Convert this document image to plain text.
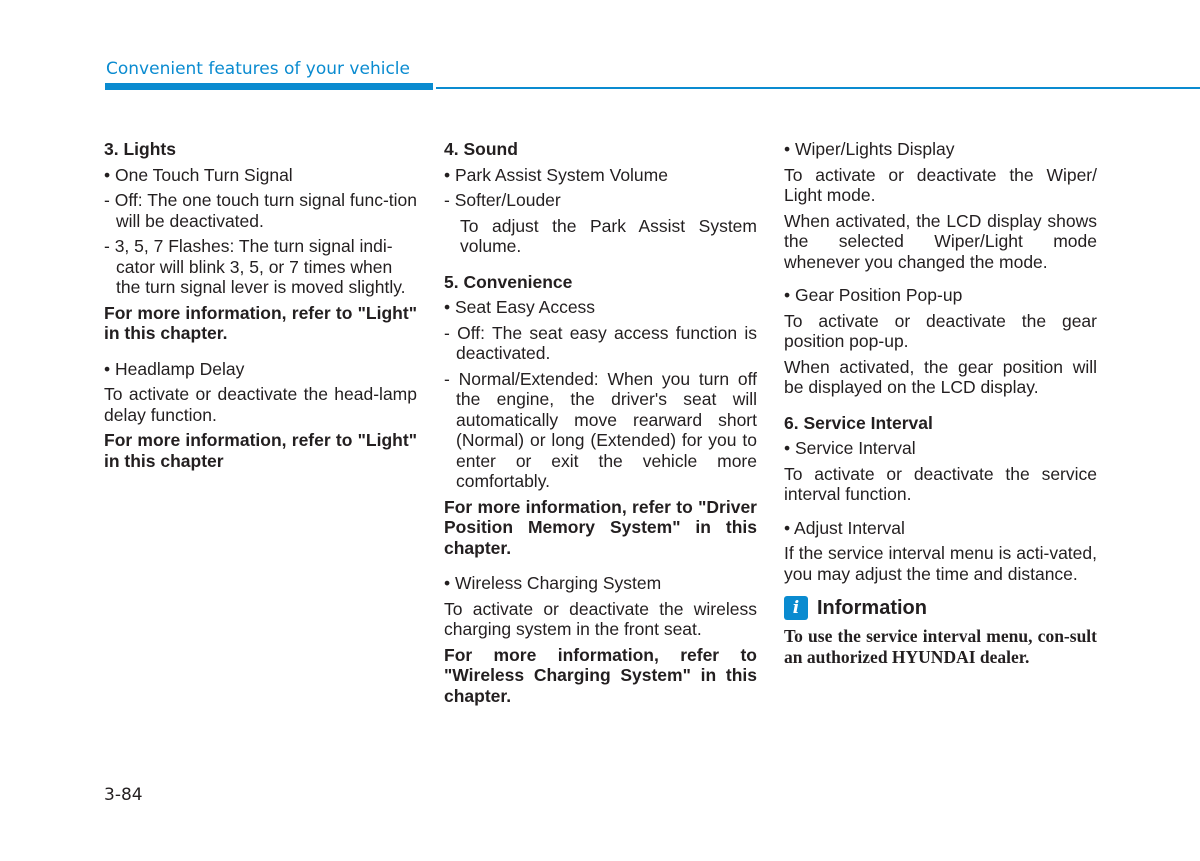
Convenient features of your vehicle
3. Lights
• One Touch Turn Signal
- Off: The one touch turn signal func-tion will be deactivated.
- 3, 5, 7 Flashes: The turn signal indi-cator will blink 3, 5, or 7 times when the turn signal lever is moved slightly.
For more information, refer to "Light" in this chapter.
• Headlamp Delay
To activate or deactivate the head-lamp delay function.
For more information, refer to "Light" in this chapter
4. Sound
• Park Assist System Volume
- Softer/Louder
To adjust the Park Assist System volume.
5. Convenience
• Seat Easy Access
- Off: The seat easy access function is deactivated.
- Normal/Extended: When you turn off the engine, the driver's seat will automatically move rearward short (Normal) or long (Extended) for you to enter or exit the vehicle more comfortably.
For more information, refer to "Driver Position Memory System" in this chapter.
• Wireless Charging System
To activate or deactivate the wireless charging system in the front seat.
For more information, refer to "Wireless Charging System" in this chapter.
• Wiper/Lights Display
To activate or deactivate the Wiper/ Light mode.
When activated, the LCD display shows the selected Wiper/Light mode whenever you changed the mode.
• Gear Position Pop-up
To activate or deactivate the gear position pop-up.
When activated, the gear position will be displayed on the LCD display.
6. Service Interval
• Service Interval
To activate or deactivate the service interval function.
• Adjust Interval
If the service interval menu is acti-vated, you may adjust the time and distance.
i Information
To use the service interval menu, con-sult an authorized HYUNDAI dealer.
3-84
